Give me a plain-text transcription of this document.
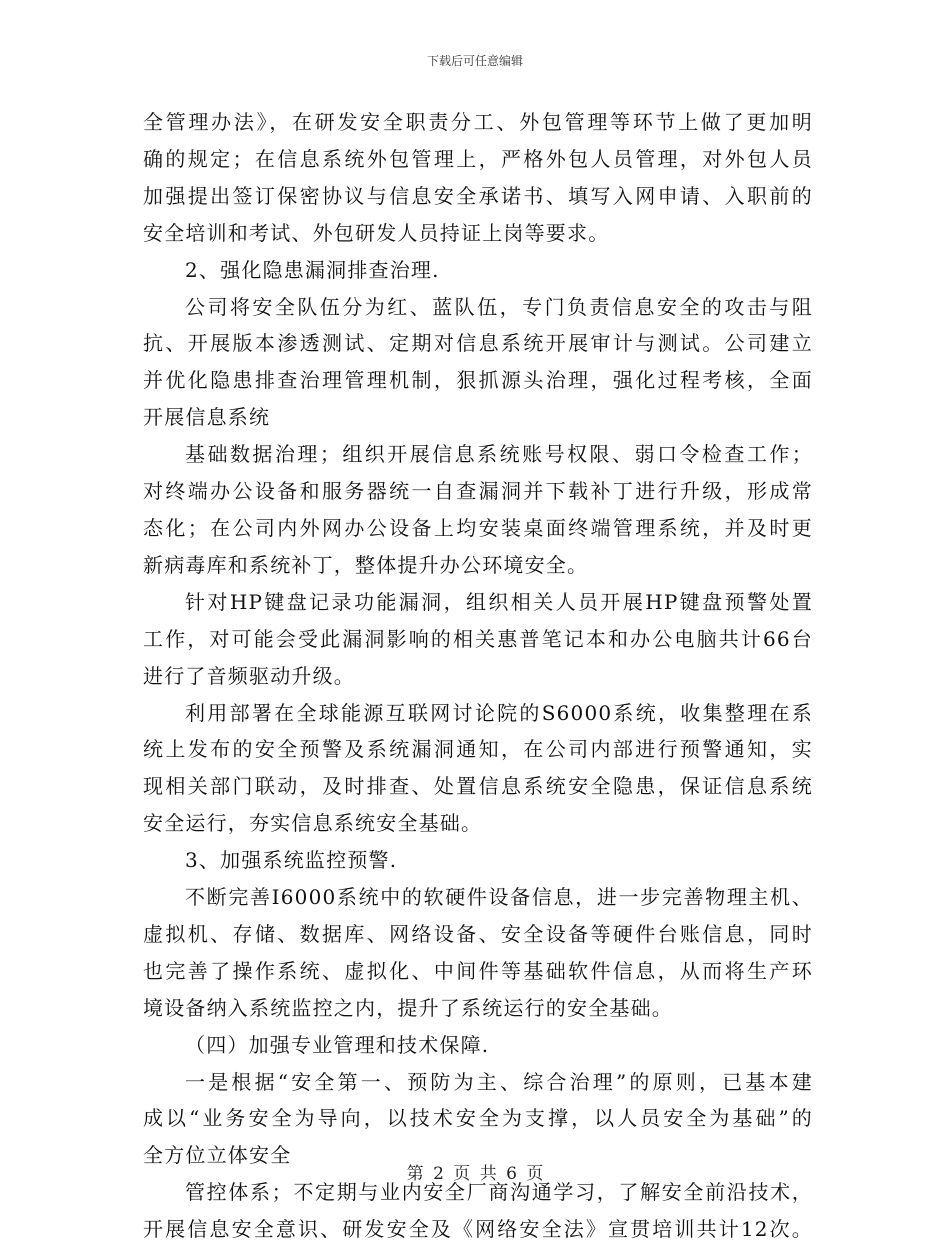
下载后可任意编辑
全管理办法》，在研发安全职责分工、外包管理等环节上做了更加明
确的规定；在信息系统外包管理上，严格外包人员管理，对外包人员
加强提出签订保密协议与信息安全承诺书、填写入网申请、入职前的
安全培训和考试、外包研发人员持证上岗等要求。
2、强化隐患漏洞排查治理.
公司将安全队伍分为红、蓝队伍，专门负责信息安全的攻击与阻
抗、开展版本渗透测试、定期对信息系统开展审计与测试。公司建立
并优化隐患排查治理管理机制，狠抓源头治理，强化过程考核，全面
开展信息系统
基础数据治理；组织开展信息系统账号权限、弱口令检查工作；
对终端办公设备和服务器统一自查漏洞并下载补丁进行升级，形成常
态化；在公司内外网办公设备上均安装桌面终端管理系统，并及时更
新病毒库和系统补丁，整体提升办公环境安全。
针对HP键盘记录功能漏洞，组织相关人员开展HP键盘预警处置
工作，对可能会受此漏洞影响的相关惠普笔记本和办公电脑共计66台
进行了音频驱动升级。
利用部署在全球能源互联网讨论院的S6000系统，收集整理在系
统上发布的安全预警及系统漏洞通知，在公司内部进行预警通知，实
现相关部门联动，及时排查、处置信息系统安全隐患，保证信息系统
安全运行，夯实信息系统安全基础。
3、加强系统监控预警.
不断完善I6000系统中的软硬件设备信息，进一步完善物理主机、
虚拟机、存储、数据库、网络设备、安全设备等硬件台账信息，同时
也完善了操作系统、虚拟化、中间件等基础软件信息，从而将生产环
境设备纳入系统监控之内，提升了系统运行的安全基础。
（四）加强专业管理和技术保障.
一是根据“安全第一、预防为主、综合治理”的原则，已基本建
成以“业务安全为导向，以技术安全为支撑，以人员安全为基础”的
全方位立体安全
管控体系；不定期与业内安全厂商沟通学习，了解安全前沿技术，
开展信息安全意识、研发安全及《网络安全法》宣贯培训共计12次。
第 2 页 共 6 页
